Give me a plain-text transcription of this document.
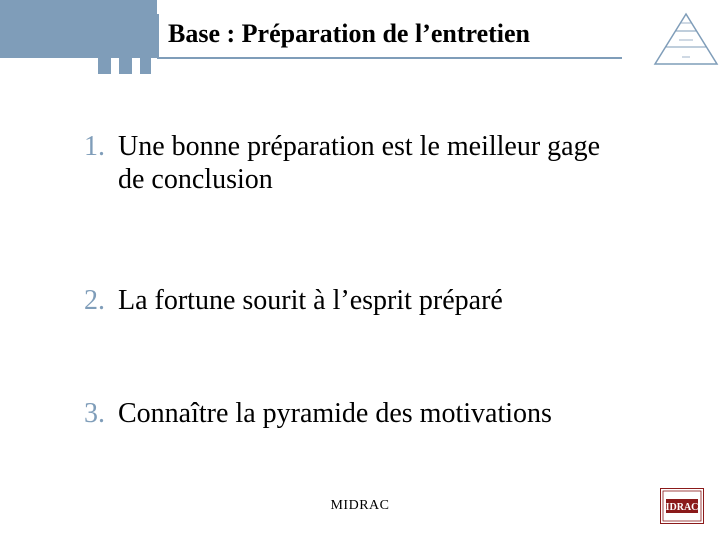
Base : Préparation de l’entretien
1. Une bonne préparation est le meilleur gage de conclusion
2. La fortune sourit à l’esprit préparé
3. Connaître la pyramide des motivations
MIDRAC	IDRAC
